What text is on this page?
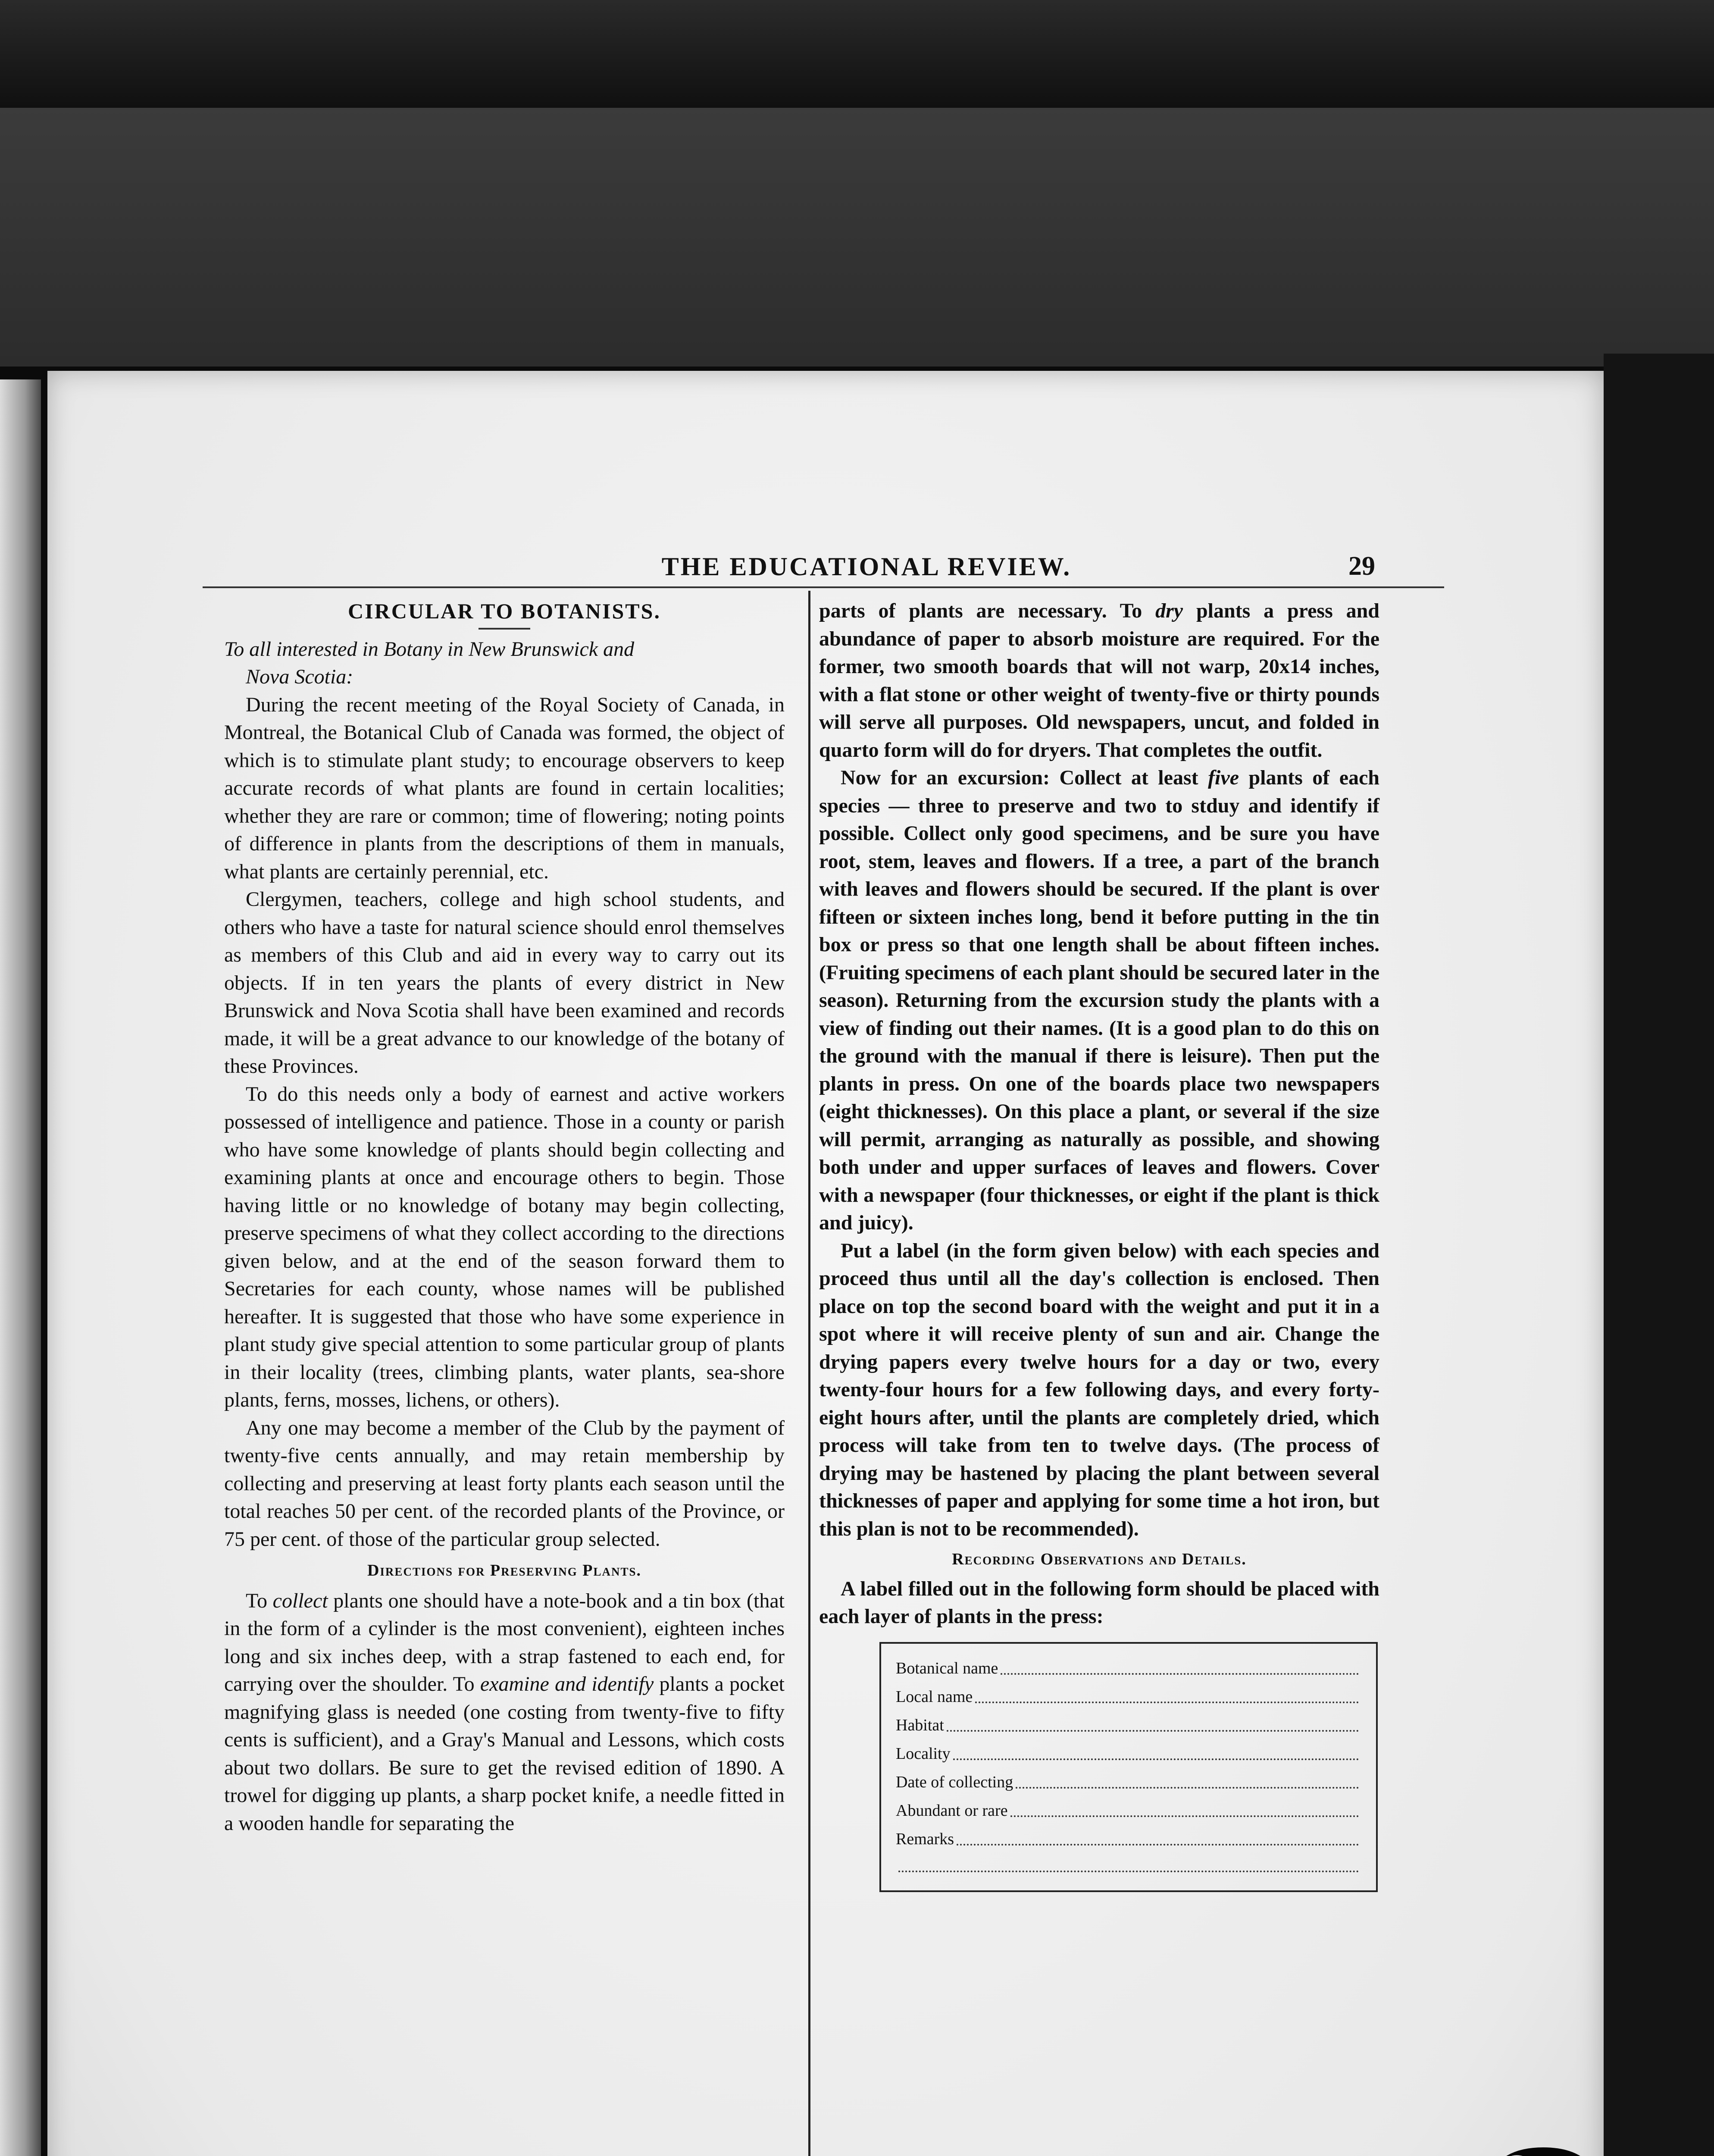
THE EDUCATIONAL REVIEW.	29
CIRCULAR TO BOTANISTS.

To all interested in Botany in New Brunswick and
Nova Scotia:

During the recent meeting of the Royal Society of Canada, in Montreal, the Botanical Club of Canada was formed, the object of which is to stimulate plant study; to encourage observers to keep accurate records of what plants are found in certain localities; whether they are rare or common; time of flowering; noting points of difference in plants from the descriptions of them in manuals, what plants are certainly perennial, etc.

Clergymen, teachers, college and high school students, and others who have a taste for natural science should enrol themselves as members of this Club and aid in every way to carry out its objects. If in ten years the plants of every district in New Brunswick and Nova Scotia shall have been examined and records made, it will be a great advance to our knowledge of the botany of these Provinces.

To do this needs only a body of earnest and active workers possessed of intelligence and patience. Those in a county or parish who have some knowledge of plants should begin collecting and examining plants at once and encourage others to begin. Those having little or no knowledge of botany may begin collecting, preserve specimens of what they collect according to the directions given below, and at the end of the season forward them to Secretaries for each county, whose names will be published hereafter. It is suggested that those who have some experience in plant study give special attention to some particular group of plants in their locality (trees, climbing plants, water plants, sea-shore plants, ferns, mosses, lichens, or others).

Any one may become a member of the Club by the payment of twenty-five cents annually, and may retain membership by collecting and preserving at least forty plants each season until the total reaches 50 per cent. of the recorded plants of the Province, or 75 per cent. of those of the particular group selected.

Directions for Preserving Plants.

To collect plants one should have a note-book and a tin box (that in the form of a cylinder is the most convenient), eighteen inches long and six inches deep, with a strap fastened to each end, for carrying over the shoulder. To examine and identify plants a pocket magnifying glass is needed (one costing from twenty-five to fifty cents is sufficient), and a Gray's Manual and Lessons, which costs about two dollars. Be sure to get the revised edition of 1890. A trowel for digging up plants, a sharp pocket knife, a needle fitted in a wooden handle for separating the

parts of plants are necessary. To dry plants a press and abundance of paper to absorb moisture are required. For the former, two smooth boards that will not warp, 20x14 inches, with a flat stone or other weight of twenty-five or thirty pounds will serve all purposes. Old newspapers, uncut, and folded in quarto form will do for dryers. That completes the outfit.

Now for an excursion: Collect at least five plants of each species — three to preserve and two to stduy and identify if possible. Collect only good specimens, and be sure you have root, stem, leaves and flowers. If a tree, a part of the branch with leaves and flowers should be secured. If the plant is over fifteen or sixteen inches long, bend it before putting in the tin box or press so that one length shall be about fifteen inches. (Fruiting specimens of each plant should be secured later in the season). Returning from the excursion study the plants with a view of finding out their names. (It is a good plan to do this on the ground with the manual if there is leisure). Then put the plants in press. On one of the boards place two newspapers (eight thicknesses). On this place a plant, or several if the size will permit, arranging as naturally as possible, and showing both under and upper surfaces of leaves and flowers. Cover with a newspaper (four thicknesses, or eight if the plant is thick and juicy).

Put a label (in the form given below) with each species and proceed thus until all the day's collection is enclosed. Then place on top the second board with the weight and put it in a spot where it will receive plenty of sun and air. Change the drying papers every twelve hours for a day or two, every twenty-four hours for a few following days, and every forty-eight hours after, until the plants are completely dried, which process will take from ten to twelve days. (The process of drying may be hastened by placing the plant between several thicknesses of paper and applying for some time a hot iron, but this plan is not to be recommended).

Recording Observations and Details.

A label filled out in the following form should be placed with each layer of plants in the press:

Botanical name
Local name
Habitat
Locality
Date of collecting
Abundant or rare
Remarks
